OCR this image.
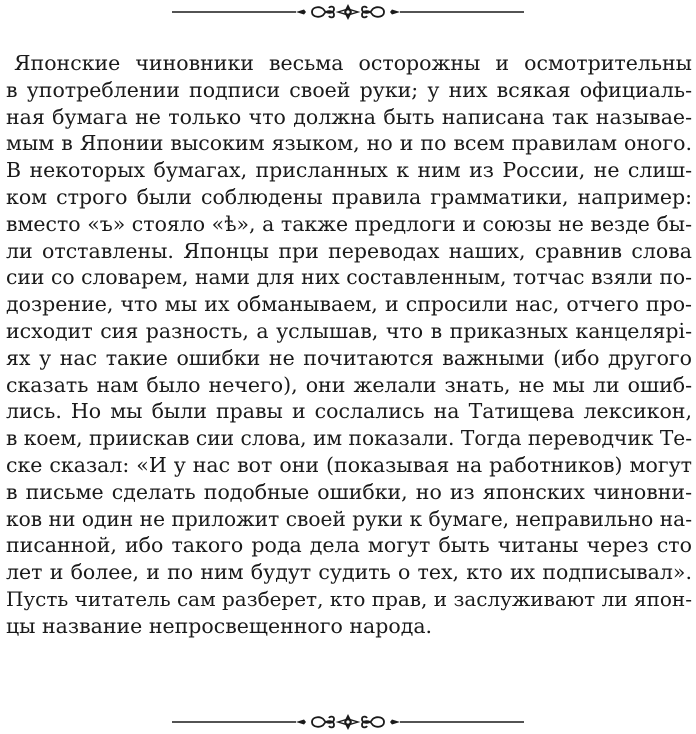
Японские чиновники весьма осторожны и осмотрительны
в употреблении подписи своей руки; у них всякая официаль-
ная бумага не только что должна быть написана так называе-
мым в Японии высоким языком, но и по всем правилам оного.
В некоторых бумагах, присланных к ним из России, не слиш-
ком строго были соблюдены правила грамматики, например:
вместо «ъ» стояло «ѣ», а также предлоги и союзы не везде бы-
ли отставлены. Японцы при переводах наших, сравнив слова
сии со словарем, нами для них составленным, тотчас взяли по-
дозрение, что мы их обманываем, и спросили нас, отчего про-
исходит сия разность, а услышав, что в приказных канцелярi-
ях у нас такие ошибки не почитаются важными (ибо другого
сказать нам было нечего), они желали знать, не мы ли ошиб-
лись. Но мы были правы и сослались на Татищева лексикон,
в коем, приискав сии слова, им показали. Тогда переводчик Те-
ске сказал: «И у нас вот они (показывая на работников) могут
в письме сделать подобные ошибки, но из японских чиновни-
ков ни один не приложит своей руки к бумаге, неправильно на-
писанной, ибо такого рода дела могут быть читаны через сто
лет и более, и по ним будут судить о тех, кто их подписывал».
Пусть читатель сам разберет, кто прав, и заслуживают ли япон-
цы название непросвещенного народа.
